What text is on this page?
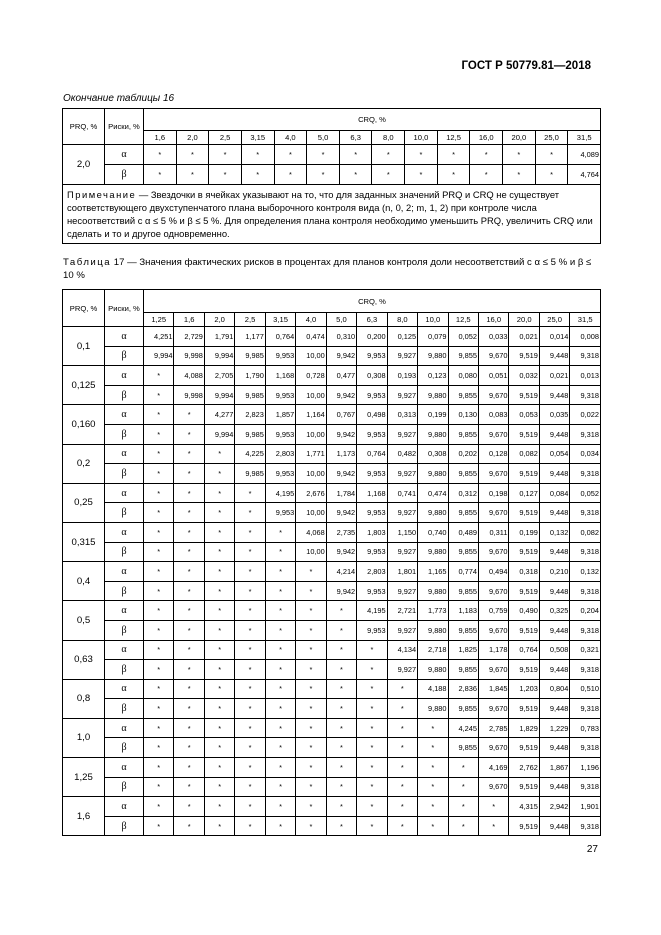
ГОСТ Р 50779.81—2018
Окончание таблицы 16
PRQ, %	Риски, %	CRQ, %													
		1,6	2,0	2,5	3,15	4,0	5,0	6,3	8,0	10,0	12,5	16,0	20,0	25,0	31,5
2,0	α	*	*	*	*	*	*	*	*	*	*	*	*	*	4,089
	β	*	*	*	*	*	*	*	*	*	*	*	*	*	4,764
Примечание — Звездочки в ячейках указывают на то, что для заданных значений PRQ и CRQ не существует соответствующего двухступенчатого плана выборочного контроля вида (n, 0, 2; m, 1, 2) при контроле числа несоответствий с α ≤ 5 % и β ≤ 5 %. Для определения плана контроля необходимо уменьшить PRQ, увеличить CRQ или сделать и то и другое одновременно.															
Таблица 17 — Значения фактических рисков в процентах для планов контроля доли несоответствий с α ≤ 5 % и β ≤ 10 %
PRQ, %	Риски, %	CRQ, %														
		1,25	1,6	2,0	2,5	3,15	4,0	5,0	6,3	8,0	10,0	12,5	16,0	20,0	25,0	31,5
0,1	α	4,251	2,729	1,791	1,177	0,764	0,474	0,310	0,200	0,125	0,079	0,052	0,033	0,021	0,014	0,008
	β	9,994	9,998	9,994	9,985	9,953	10,00	9,942	9,953	9,927	9,880	9,855	9,670	9,519	9,448	9,318
0,125	α	*	4,088	2,705	1,790	1,168	0,728	0,477	0,308	0,193	0,123	0,080	0,051	0,032	0,021	0,013
	β	*	9,998	9,994	9,985	9,953	10,00	9,942	9,953	9,927	9,880	9,855	9,670	9,519	9,448	9,318
0,160	α	*	*	4,277	2,823	1,857	1,164	0,767	0,498	0,313	0,199	0,130	0,083	0,053	0,035	0,022
	β	*	*	9,994	9,985	9,953	10,00	9,942	9,953	9,927	9,880	9,855	9,670	9,519	9,448	9,318
0,2	α	*	*	*	4,225	2,803	1,771	1,173	0,764	0,482	0,308	0,202	0,128	0,082	0,054	0,034
	β	*	*	*	9,985	9,953	10,00	9,942	9,953	9,927	9,880	9,855	9,670	9,519	9,448	9,318
0,25	α	*	*	*	*	4,195	2,676	1,784	1,168	0,741	0,474	0,312	0,198	0,127	0,084	0,052
	β	*	*	*	*	9,953	10,00	9,942	9,953	9,927	9,880	9,855	9,670	9,519	9,448	9,318
0,315	α	*	*	*	*	*	4,068	2,735	1,803	1,150	0,740	0,489	0,311	0,199	0,132	0,082
	β	*	*	*	*	*	10,00	9,942	9,953	9,927	9,880	9,855	9,670	9,519	9,448	9,318
0,4	α	*	*	*	*	*	*	4,214	2,803	1,801	1,165	0,774	0,494	0,318	0,210	0,132
	β	*	*	*	*	*	*	9,942	9,953	9,927	9,880	9,855	9,670	9,519	9,448	9,318
0,5	α	*	*	*	*	*	*	*	4,195	2,721	1,773	1,183	0,759	0,490	0,325	0,204
	β	*	*	*	*	*	*	*	9,953	9,927	9,880	9,855	9,670	9,519	9,448	9,318
0,63	α	*	*	*	*	*	*	*	*	4,134	2,718	1,825	1,178	0,764	0,508	0,321
	β	*	*	*	*	*	*	*	*	9,927	9,880	9,855	9,670	9,519	9,448	9,318
0,8	α	*	*	*	*	*	*	*	*	*	4,188	2,836	1,845	1,203	0,804	0,510
	β	*	*	*	*	*	*	*	*	*	9,880	9,855	9,670	9,519	9,448	9,318
1,0	α	*	*	*	*	*	*	*	*	*	*	4,245	2,785	1,829	1,229	0,783
	β	*	*	*	*	*	*	*	*	*	*	9,855	9,670	9,519	9,448	9,318
1,25	α	*	*	*	*	*	*	*	*	*	*	*	4,169	2,762	1,867	1,196
	β	*	*	*	*	*	*	*	*	*	*	*	9,670	9,519	9,448	9,318
1,6	α	*	*	*	*	*	*	*	*	*	*	*	*	4,315	2,942	1,901
	β	*	*	*	*	*	*	*	*	*	*	*	*	9,519	9,448	9,318
27
